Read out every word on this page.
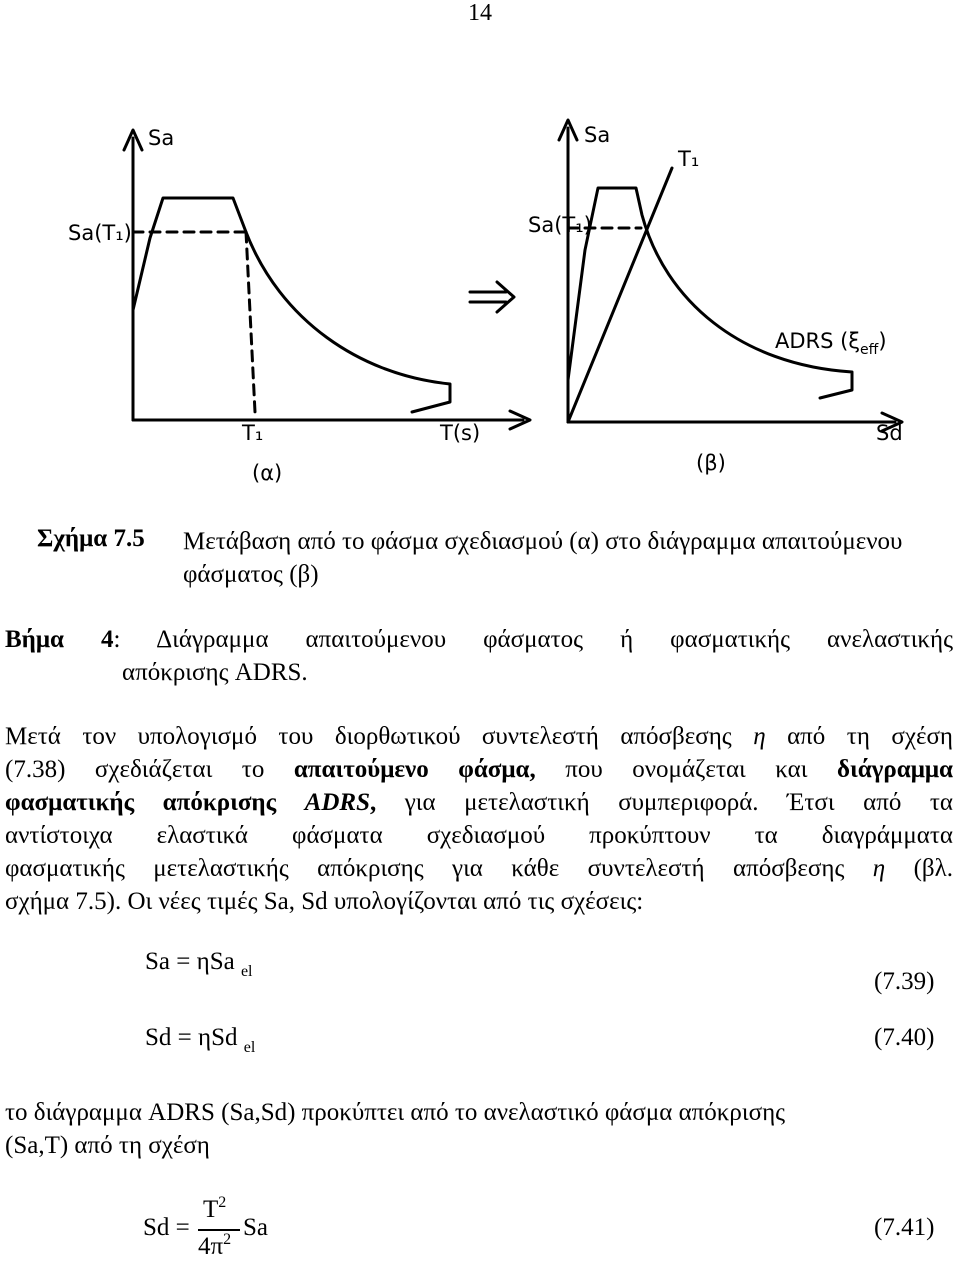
14
Sa
Sa(T₁)
T₁	T(s)
(α)
Sa
Sa(T₁)
T₁
ADRS $(\xi_{eff})$
Sd
(β)
Σχήμα 7.5 Μετάβαση από το φάσμα σχεδιασμού (α) στο διάγραμμα απαιτούμενου φάσματος (β)
Βήμα 4: Διάγραμμα απαιτούμενου φάσματος ή φασματικής ανελαστικής
απόκρισης ADRS.
Μετά τον υπολογισμό του διορθωτικού συντελεστή απόσβεσης η από τη σχέση
(7.38) σχεδιάζεται το απαιτούμενο φάσμα, που ονομάζεται και διάγραμμα
φασματικής απόκρισης ADRS, για μετελαστική συμπεριφορά. Έτσι από τα
αντίστοιχα ελαστικά φάσματα σχεδιασμού προκύπτουν τα διαγράμματα
φασματικής μετελαστικής απόκρισης για κάθε συντελεστή απόσβεσης η (βλ.
σχήμα 7.5). Οι νέες τιμές Sa, Sd υπολογίζονται από τις σχέσεις:
Sa = ηSa $_{el}$	(7.39)
Sd = ηSd $_{el}$	(7.40)
το διάγραμμα ADRS (Sa,Sd) προκύπτει από το ανελαστικό φάσμα απόκρισης
(Sa,T) από τη σχέση
Sd =
$T^2$
$4\pi^2$ Sa	(7.41)
